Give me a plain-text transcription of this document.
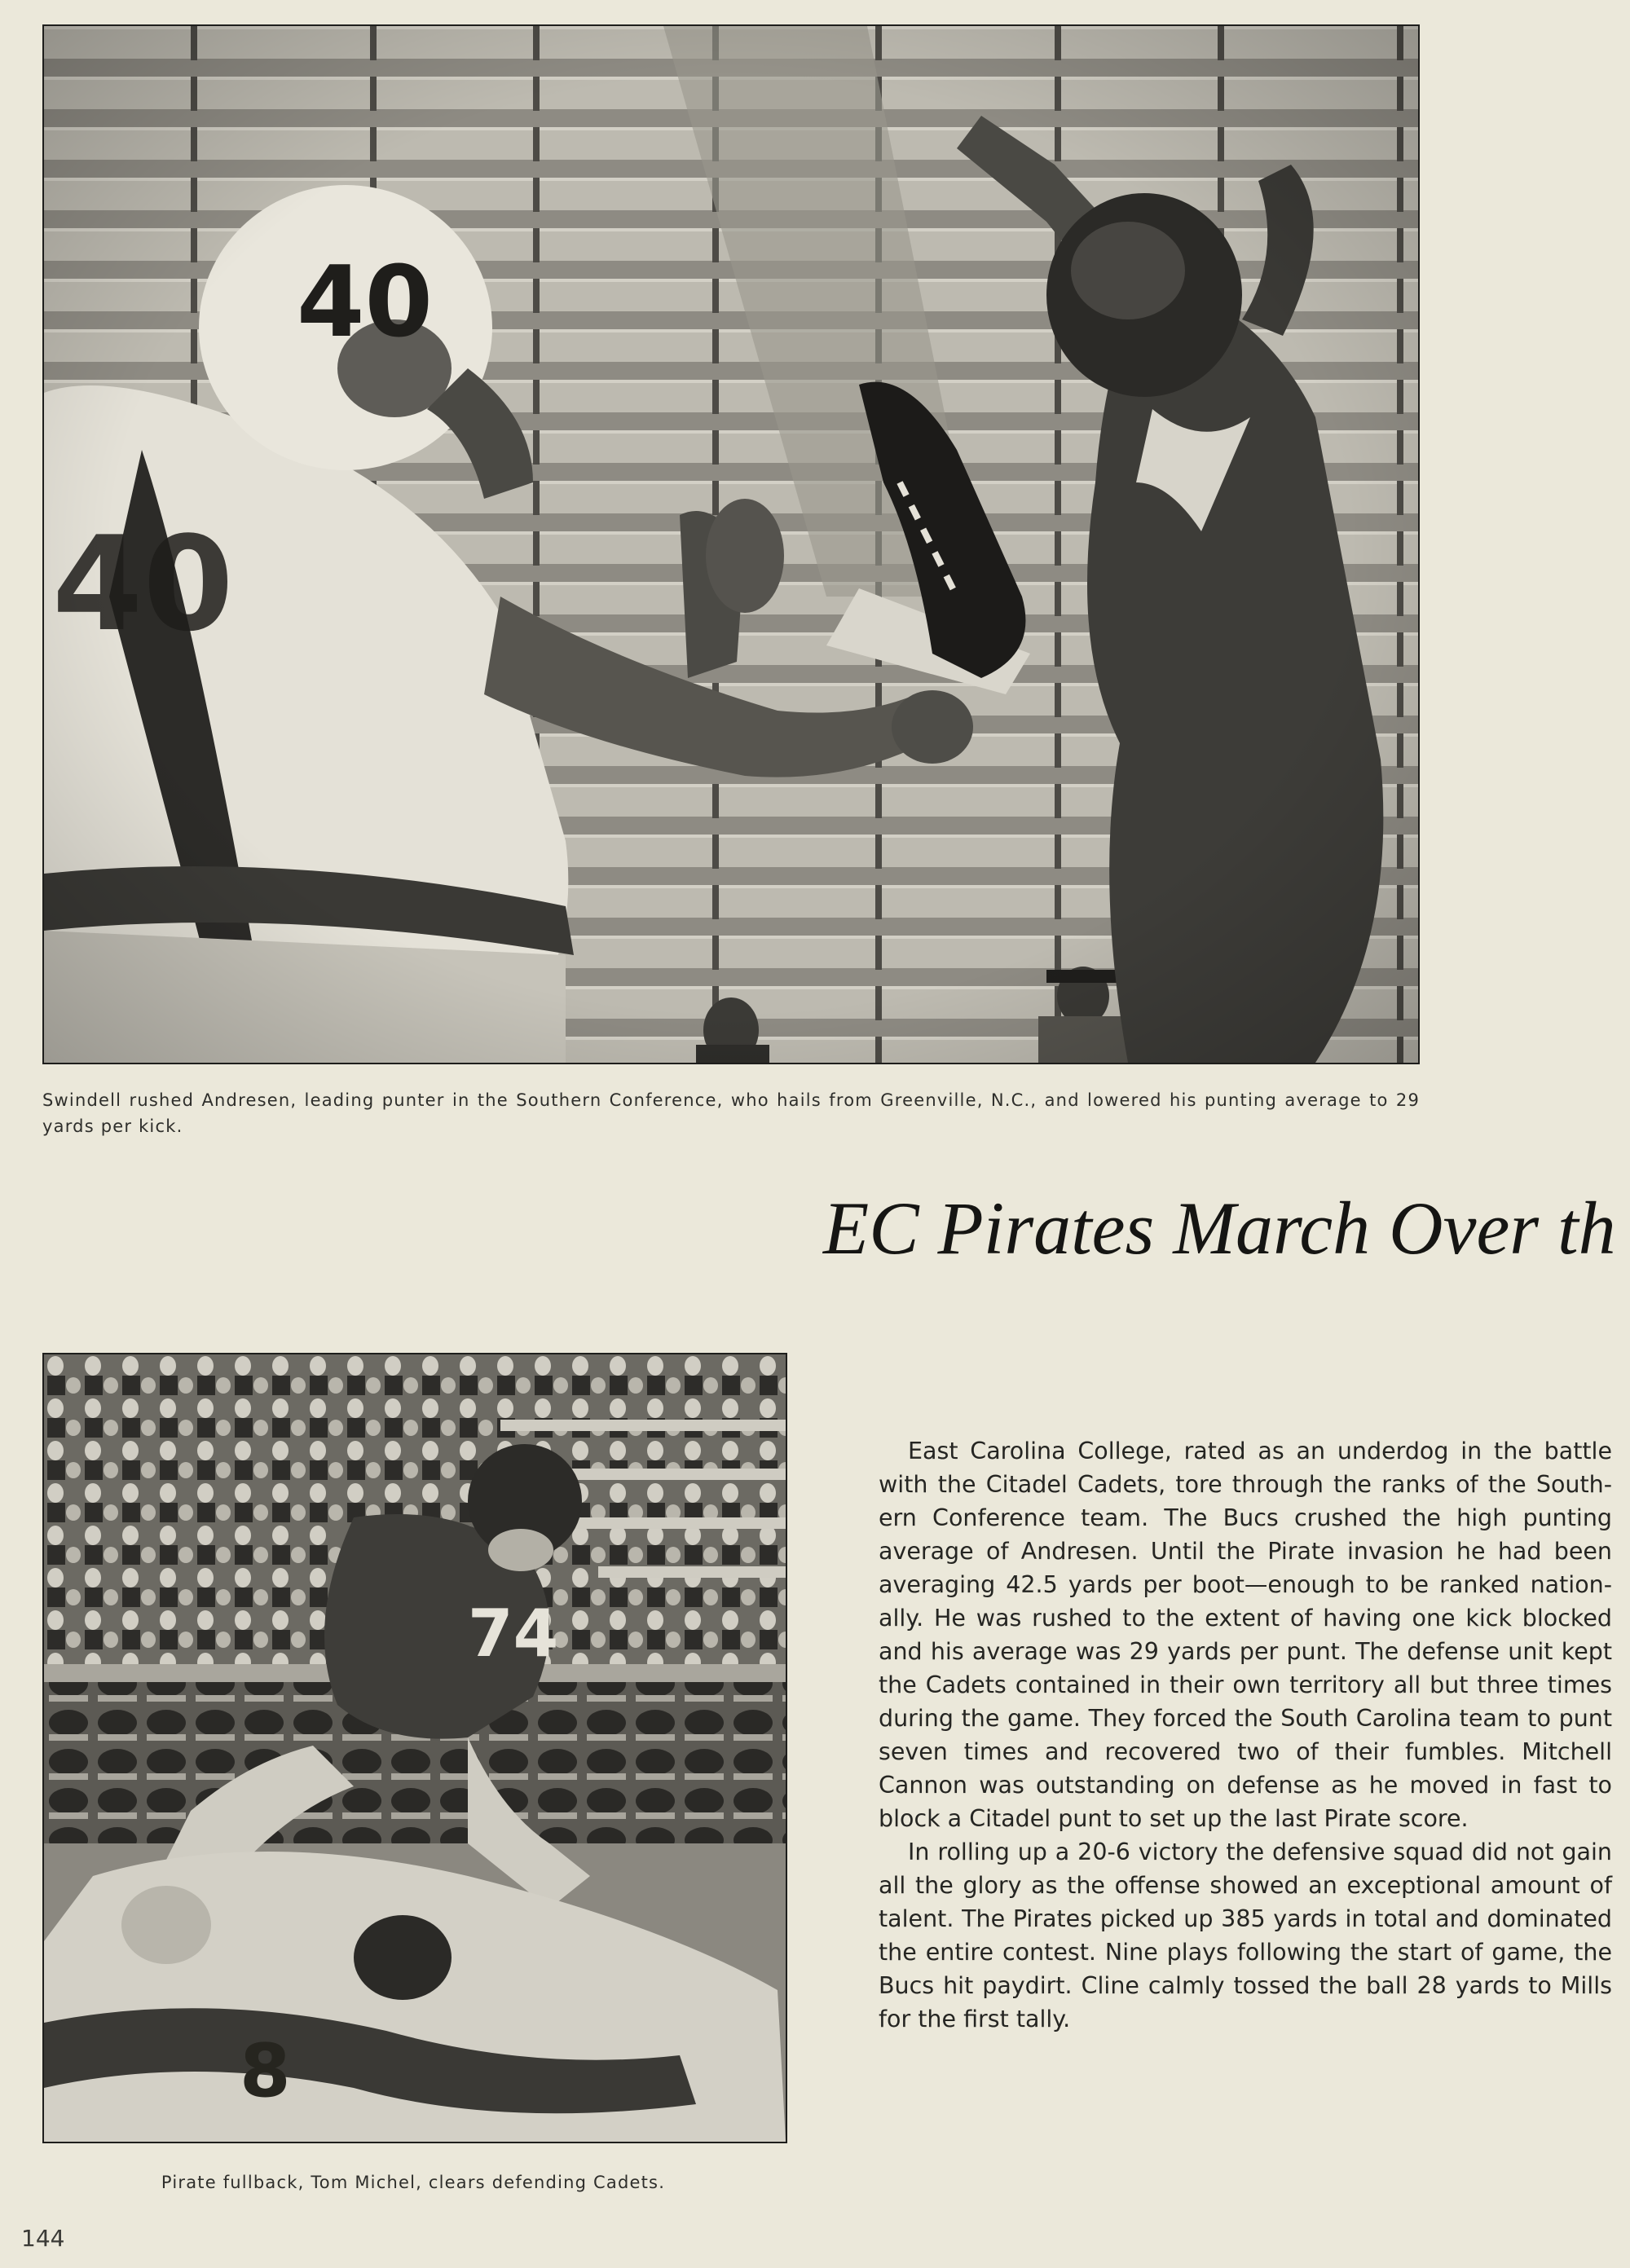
Swindell rushed Andresen, leading punter in the Southern Conference, who hails from Greenville, N.C., and lowered his punting average to 29 yards per kick.

EC Pirates March Over th
74
8

Pirate fullback, Tom Michel, clears defending Cadets.

East Carolina College, rated as an underdog in the battle with the Citadel Cadets, tore through the ranks of the Southern Conference team. The Bucs crushed the high punting average of Andresen. Until the Pirate invasion he had been averaging 42.5 yards per boot—enough to be ranked nationally. He was rushed to the extent of having one kick blocked and his average was 29 yards per punt. The defense unit kept the Cadets contained in their own territory all but three times during the game. They forced the South Carolina team to punt seven times and recovered two of their fumbles. Mitchell Cannon was outstanding on defense as he moved in fast to block a Citadel punt to set up the last Pirate score.

In rolling up a 20-6 victory the defensive squad did not gain all the glory as the offense showed an exceptional amount of talent. The Pirates picked up 385 yards in total and dominated the entire contest. Nine plays following the start of game, the Bucs hit paydirt. Cline calmly tossed the ball 28 yards to Mills for the first tally.

144
